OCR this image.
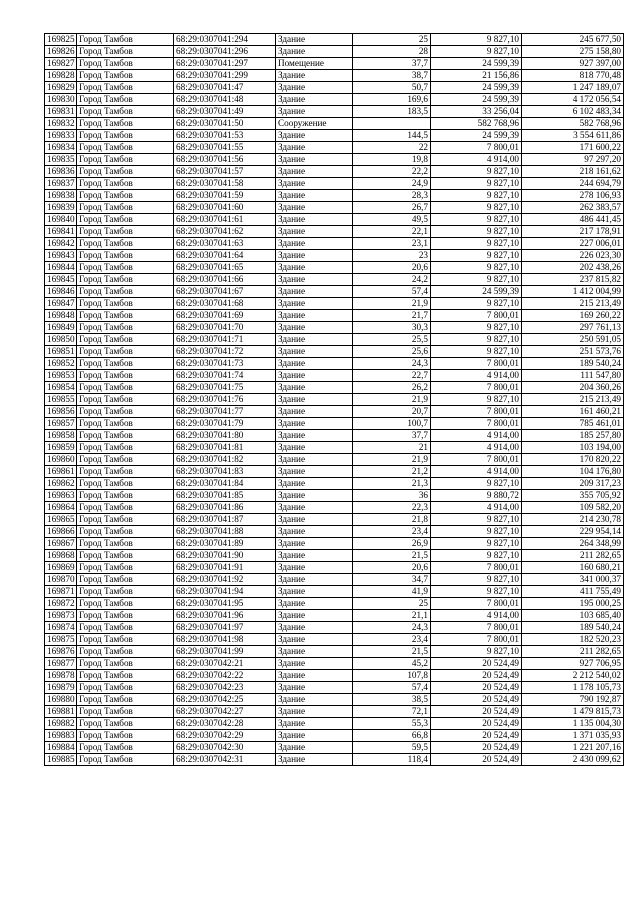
169825	Город Тамбов	68:29:0307041:294	Здание	25	9 827,10	245 677,50
169826	Город Тамбов	68:29:0307041:296	Здание	28	9 827,10	275 158,80
169827	Город Тамбов	68:29:0307041:297	Помещение	37,7	24 599,39	927 397,00
169828	Город Тамбов	68:29:0307041:299	Здание	38,7	21 156,86	818 770,48
169829	Город Тамбов	68:29:0307041:47	Здание	50,7	24 599,39	1 247 189,07
169830	Город Тамбов	68:29:0307041:48	Здание	169,6	24 599,39	4 172 056,54
169831	Город Тамбов	68:29:0307041:49	Здание	183,5	33 256,04	6 102 483,34
169832	Город Тамбов	68:29:0307041:50	Сооружение		582 768,96	582 768,96
169833	Город Тамбов	68:29:0307041:53	Здание	144,5	24 599,39	3 554 611,86
169834	Город Тамбов	68:29:0307041:55	Здание	22	7 800,01	171 600,22
169835	Город Тамбов	68:29:0307041:56	Здание	19,8	4 914,00	97 297,20
169836	Город Тамбов	68:29:0307041:57	Здание	22,2	9 827,10	218 161,62
169837	Город Тамбов	68:29:0307041:58	Здание	24,9	9 827,10	244 694,79
169838	Город Тамбов	68:29:0307041:59	Здание	28,3	9 827,10	278 106,93
169839	Город Тамбов	68:29:0307041:60	Здание	26,7	9 827,10	262 383,57
169840	Город Тамбов	68:29:0307041:61	Здание	49,5	9 827,10	486 441,45
169841	Город Тамбов	68:29:0307041:62	Здание	22,1	9 827,10	217 178,91
169842	Город Тамбов	68:29:0307041:63	Здание	23,1	9 827,10	227 006,01
169843	Город Тамбов	68:29:0307041:64	Здание	23	9 827,10	226 023,30
169844	Город Тамбов	68:29:0307041:65	Здание	20,6	9 827,10	202 438,26
169845	Город Тамбов	68:29:0307041:66	Здание	24,2	9 827,10	237 815,82
169846	Город Тамбов	68:29:0307041:67	Здание	57,4	24 599,39	1 412 004,99
169847	Город Тамбов	68:29:0307041:68	Здание	21,9	9 827,10	215 213,49
169848	Город Тамбов	68:29:0307041:69	Здание	21,7	7 800,01	169 260,22
169849	Город Тамбов	68:29:0307041:70	Здание	30,3	9 827,10	297 761,13
169850	Город Тамбов	68:29:0307041:71	Здание	25,5	9 827,10	250 591,05
169851	Город Тамбов	68:29:0307041:72	Здание	25,6	9 827,10	251 573,76
169852	Город Тамбов	68:29:0307041:73	Здание	24,3	7 800,01	189 540,24
169853	Город Тамбов	68:29:0307041:74	Здание	22,7	4 914,00	111 547,80
169854	Город Тамбов	68:29:0307041:75	Здание	26,2	7 800,01	204 360,26
169855	Город Тамбов	68:29:0307041:76	Здание	21,9	9 827,10	215 213,49
169856	Город Тамбов	68:29:0307041:77	Здание	20,7	7 800,01	161 460,21
169857	Город Тамбов	68:29:0307041:79	Здание	100,7	7 800,01	785 461,01
169858	Город Тамбов	68:29:0307041:80	Здание	37,7	4 914,00	185 257,80
169859	Город Тамбов	68:29:0307041:81	Здание	21	4 914,00	103 194,00
169860	Город Тамбов	68:29:0307041:82	Здание	21,9	7 800,01	170 820,22
169861	Город Тамбов	68:29:0307041:83	Здание	21,2	4 914,00	104 176,80
169862	Город Тамбов	68:29:0307041:84	Здание	21,3	9 827,10	209 317,23
169863	Город Тамбов	68:29:0307041:85	Здание	36	9 880,72	355 705,92
169864	Город Тамбов	68:29:0307041:86	Здание	22,3	4 914,00	109 582,20
169865	Город Тамбов	68:29:0307041:87	Здание	21,8	9 827,10	214 230,78
169866	Город Тамбов	68:29:0307041:88	Здание	23,4	9 827,10	229 954,14
169867	Город Тамбов	68:29:0307041:89	Здание	26,9	9 827,10	264 348,99
169868	Город Тамбов	68:29:0307041:90	Здание	21,5	9 827,10	211 282,65
169869	Город Тамбов	68:29:0307041:91	Здание	20,6	7 800,01	160 680,21
169870	Город Тамбов	68:29:0307041:92	Здание	34,7	9 827,10	341 000,37
169871	Город Тамбов	68:29:0307041:94	Здание	41,9	9 827,10	411 755,49
169872	Город Тамбов	68:29:0307041:95	Здание	25	7 800,01	195 000,25
169873	Город Тамбов	68:29:0307041:96	Здание	21,1	4 914,00	103 685,40
169874	Город Тамбов	68:29:0307041:97	Здание	24,3	7 800,01	189 540,24
169875	Город Тамбов	68:29:0307041:98	Здание	23,4	7 800,01	182 520,23
169876	Город Тамбов	68:29:0307041:99	Здание	21,5	9 827,10	211 282,65
169877	Город Тамбов	68:29:0307042:21	Здание	45,2	20 524,49	927 706,95
169878	Город Тамбов	68:29:0307042:22	Здание	107,8	20 524,49	2 212 540,02
169879	Город Тамбов	68:29:0307042:23	Здание	57,4	20 524,49	1 178 105,73
169880	Город Тамбов	68:29:0307042:25	Здание	38,5	20 524,49	790 192,87
169881	Город Тамбов	68:29:0307042:27	Здание	72,1	20 524,49	1 479 815,73
169882	Город Тамбов	68:29:0307042:28	Здание	55,3	20 524,49	1 135 004,30
169883	Город Тамбов	68:29:0307042:29	Здание	66,8	20 524,49	1 371 035,93
169884	Город Тамбов	68:29:0307042:30	Здание	59,5	20 524,49	1 221 207,16
169885	Город Тамбов	68:29:0307042:31	Здание	118,4	20 524,49	2 430 099,62
